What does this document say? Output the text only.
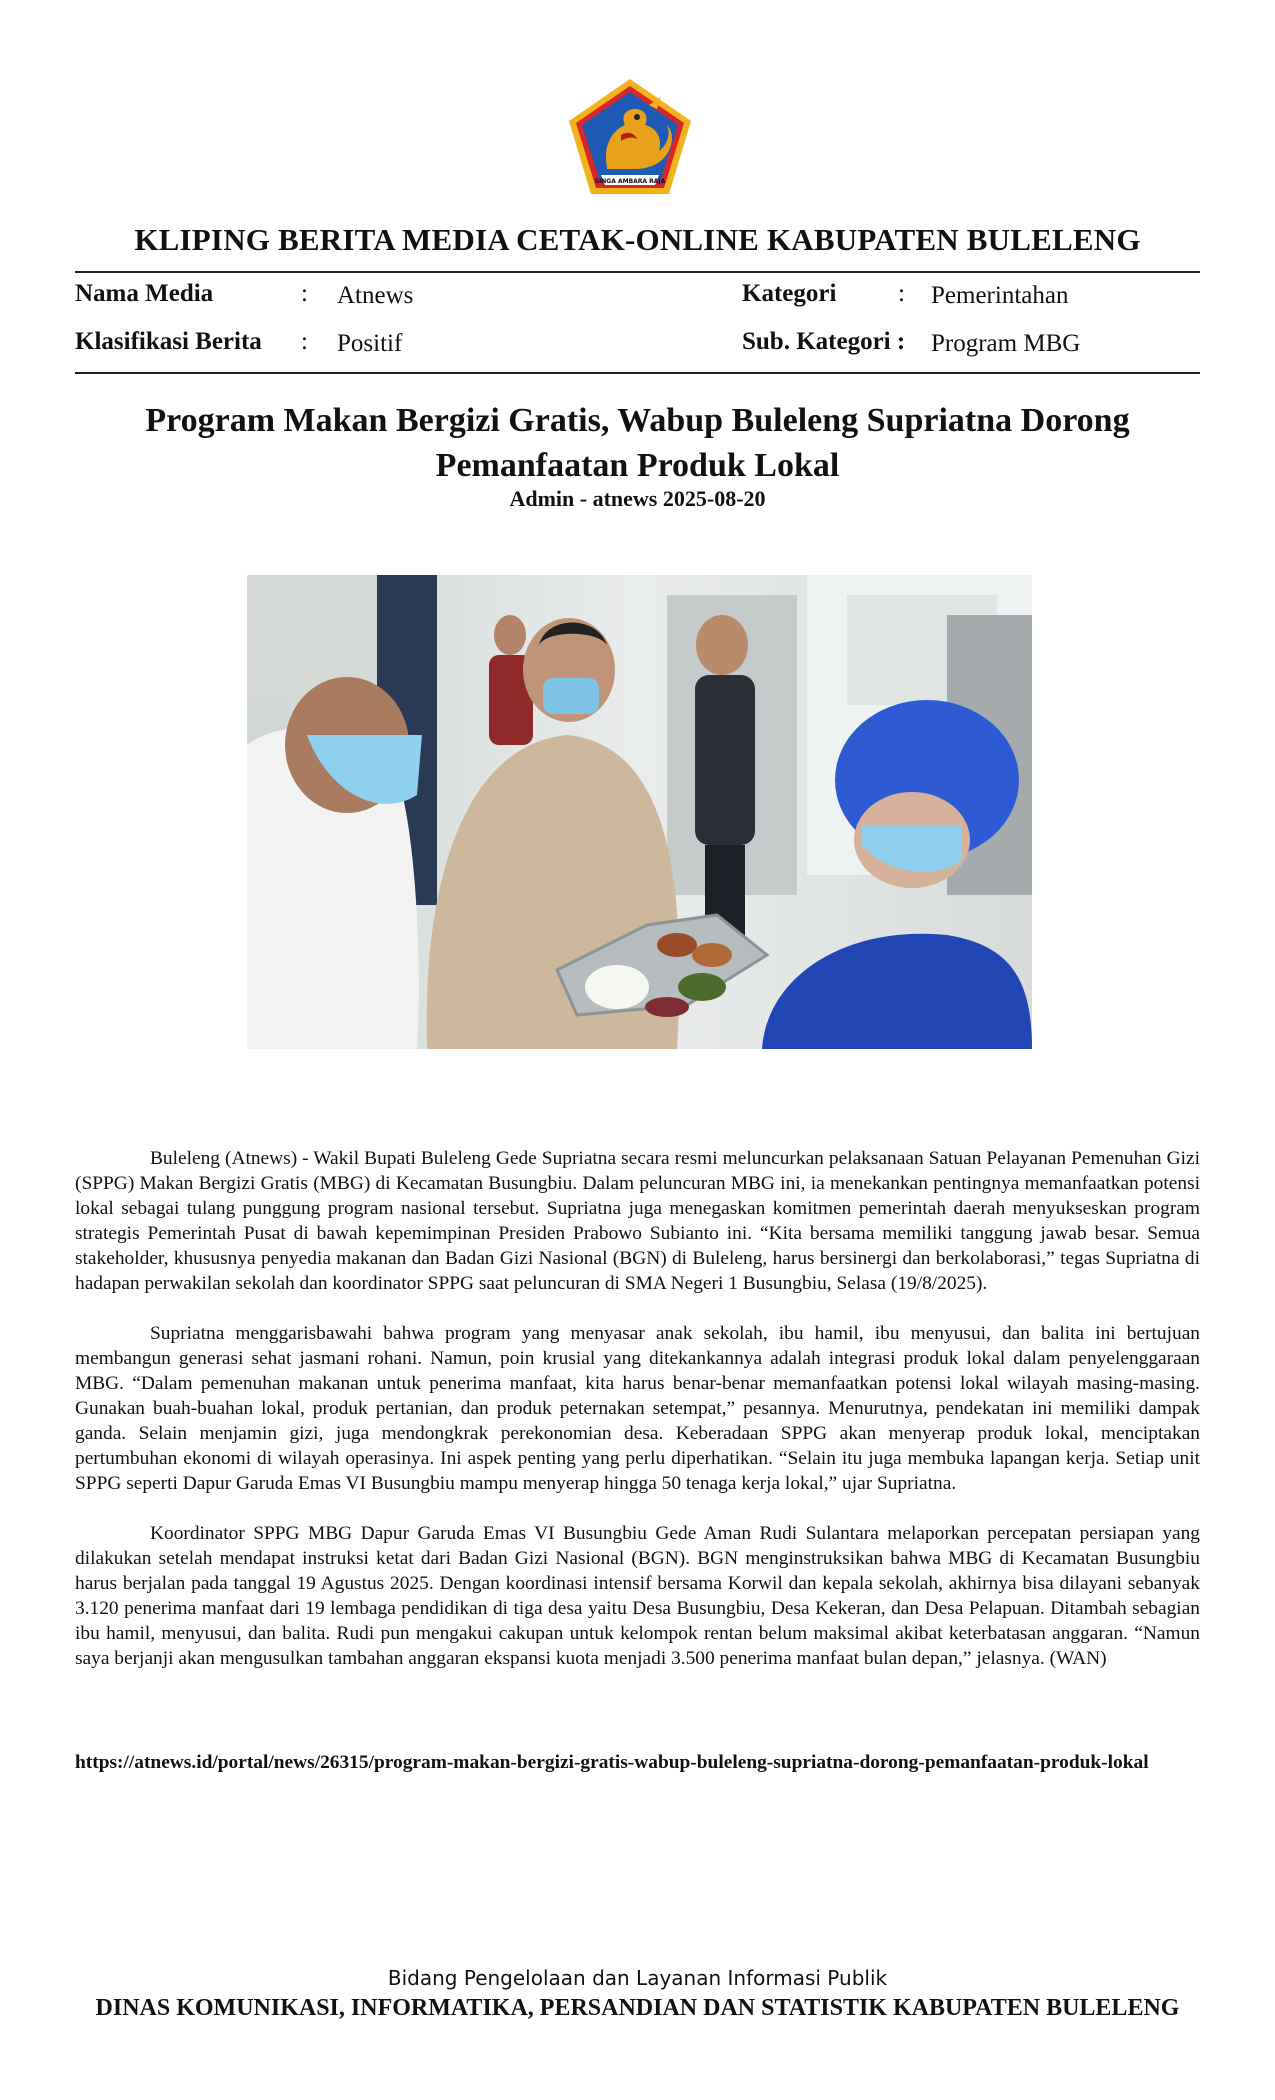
SINGA AMBARA RAJA
KLIPING BERITA MEDIA CETAK-ONLINE KABUPATEN BULELENG
Nama Media	: Atnews
Klasifikasi Berita : Positif
Kategori : Pemerintahan
Sub. Kategori : Program MBG
Program Makan Bergizi Gratis, Wabup Buleleng Supriatna Dorong Pemanfaatan Produk Lokal
Admin - atnews 2025-08-20

Buleleng (Atnews) - Wakil Bupati Buleleng Gede Supriatna secara resmi meluncurkan pelaksanaan Satuan Pelayanan Pemenuhan Gizi (SPPG) Makan Bergizi Gratis (MBG) di Kecamatan Busungbiu. Dalam peluncuran MBG ini, ia menekankan pentingnya memanfaatkan potensi lokal sebagai tulang punggung program nasional tersebut. Supriatna juga menegaskan komitmen pemerintah daerah menyukseskan program strategis Pemerintah Pusat di bawah kepemimpinan Presiden Prabowo Subianto ini. “Kita bersama memiliki tanggung jawab besar. Semua stakeholder, khususnya penyedia makanan dan Badan Gizi Nasional (BGN) di Buleleng, harus bersinergi dan berkolaborasi,” tegas Supriatna di hadapan perwakilan sekolah dan koordinator SPPG saat peluncuran di SMA Negeri 1 Busungbiu, Selasa (19/8/2025).

Supriatna menggarisbawahi bahwa program yang menyasar anak sekolah, ibu hamil, ibu menyusui, dan balita ini bertujuan membangun generasi sehat jasmani rohani. Namun, poin krusial yang ditekankannya adalah integrasi produk lokal dalam penyelenggaraan MBG. “Dalam pemenuhan makanan untuk penerima manfaat, kita harus benar-benar memanfaatkan potensi lokal wilayah masing-masing. Gunakan buah-buahan lokal, produk pertanian, dan produk peternakan setempat,” pesannya. Menurutnya, pendekatan ini memiliki dampak ganda. Selain menjamin gizi, juga mendongkrak perekonomian desa. Keberadaan SPPG akan menyerap produk lokal, menciptakan pertumbuhan ekonomi di wilayah operasinya. Ini aspek penting yang perlu diperhatikan. “Selain itu juga membuka lapangan kerja. Setiap unit SPPG seperti Dapur Garuda Emas VI Busungbiu mampu menyerap hingga 50 tenaga kerja lokal,” ujar Supriatna.

Koordinator SPPG MBG Dapur Garuda Emas VI Busungbiu Gede Aman Rudi Sulantara melaporkan percepatan persiapan yang dilakukan setelah mendapat instruksi ketat dari Badan Gizi Nasional (BGN). BGN menginstruksikan bahwa MBG di Kecamatan Busungbiu harus berjalan pada tanggal 19 Agustus 2025. Dengan koordinasi intensif bersama Korwil dan kepala sekolah, akhirnya bisa dilayani sebanyak 3.120 penerima manfaat dari 19 lembaga pendidikan di tiga desa yaitu Desa Busungbiu, Desa Kekeran, dan Desa Pelapuan. Ditambah sebagian ibu hamil, menyusui, dan balita. Rudi pun mengakui cakupan untuk kelompok rentan belum maksimal akibat keterbatasan anggaran. “Namun saya berjanji akan mengusulkan tambahan anggaran ekspansi kuota menjadi 3.500 penerima manfaat bulan depan,” jelasnya. (WAN)

https://atnews.id/portal/news/26315/program-makan-bergizi-gratis-wabup-buleleng-supriatna-dorong-pemanfaatan-produk-lokal
Bidang Pengelolaan dan Layanan Informasi Publik
DINAS KOMUNIKASI, INFORMATIKA, PERSANDIAN DAN STATISTIK KABUPATEN BULELENG
